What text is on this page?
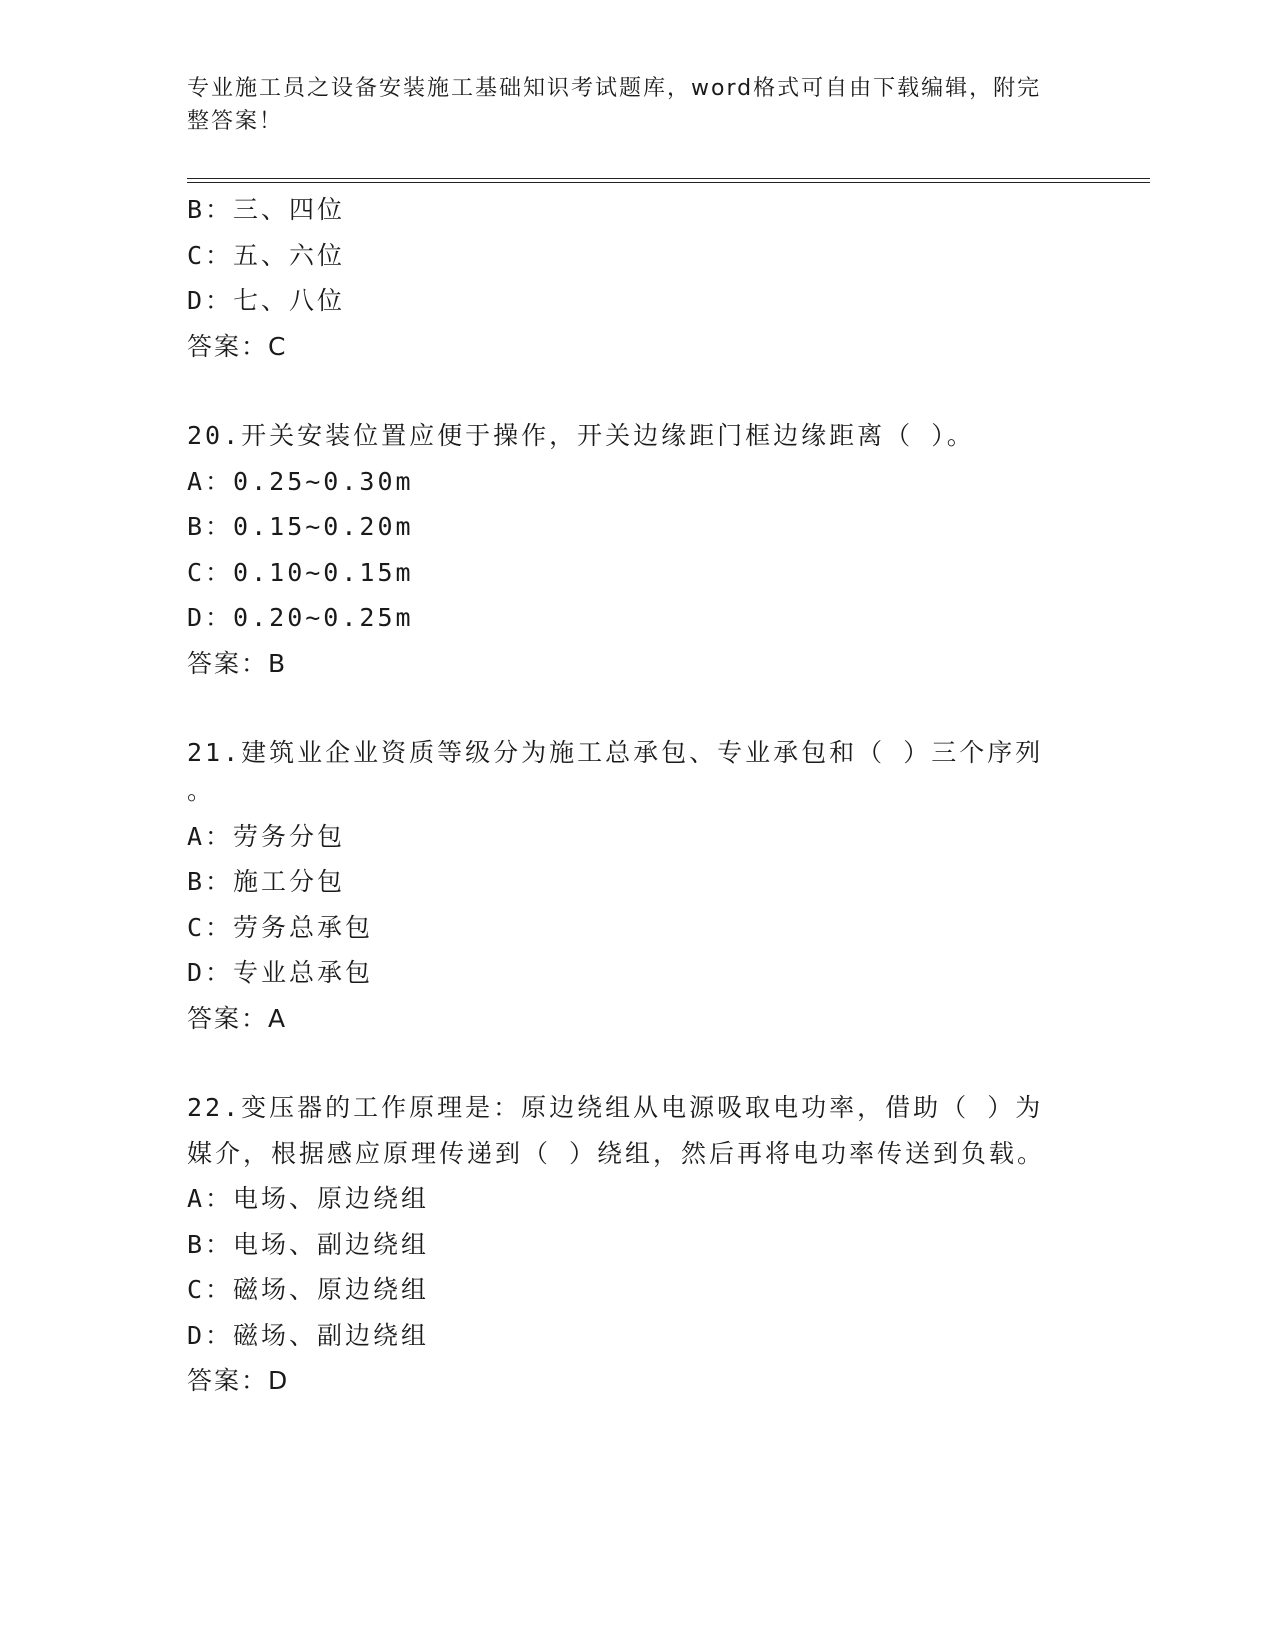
专业施工员之设备安装施工基础知识考试题库，word格式可自由下载编辑，附完
整答案！
B：三、四位
C：五、六位
D：七、八位
答案：C
20.开关安装位置应便于操作，开关边缘距门框边缘距离（ ）。
A：0.25~0.30m
B：0.15~0.20m
C：0.10~0.15m
D：0.20~0.25m
答案：B
21.建筑业企业资质等级分为施工总承包、专业承包和（ ）三个序列
。
A：劳务分包
B：施工分包
C：劳务总承包
D：专业总承包
答案：A
22.变压器的工作原理是：原边绕组从电源吸取电功率，借助（ ）为
媒介，根据感应原理传递到（ ）绕组，然后再将电功率传送到负载。
A：电场、原边绕组
B：电场、副边绕组
C：磁场、原边绕组
D：磁场、副边绕组
答案：D
